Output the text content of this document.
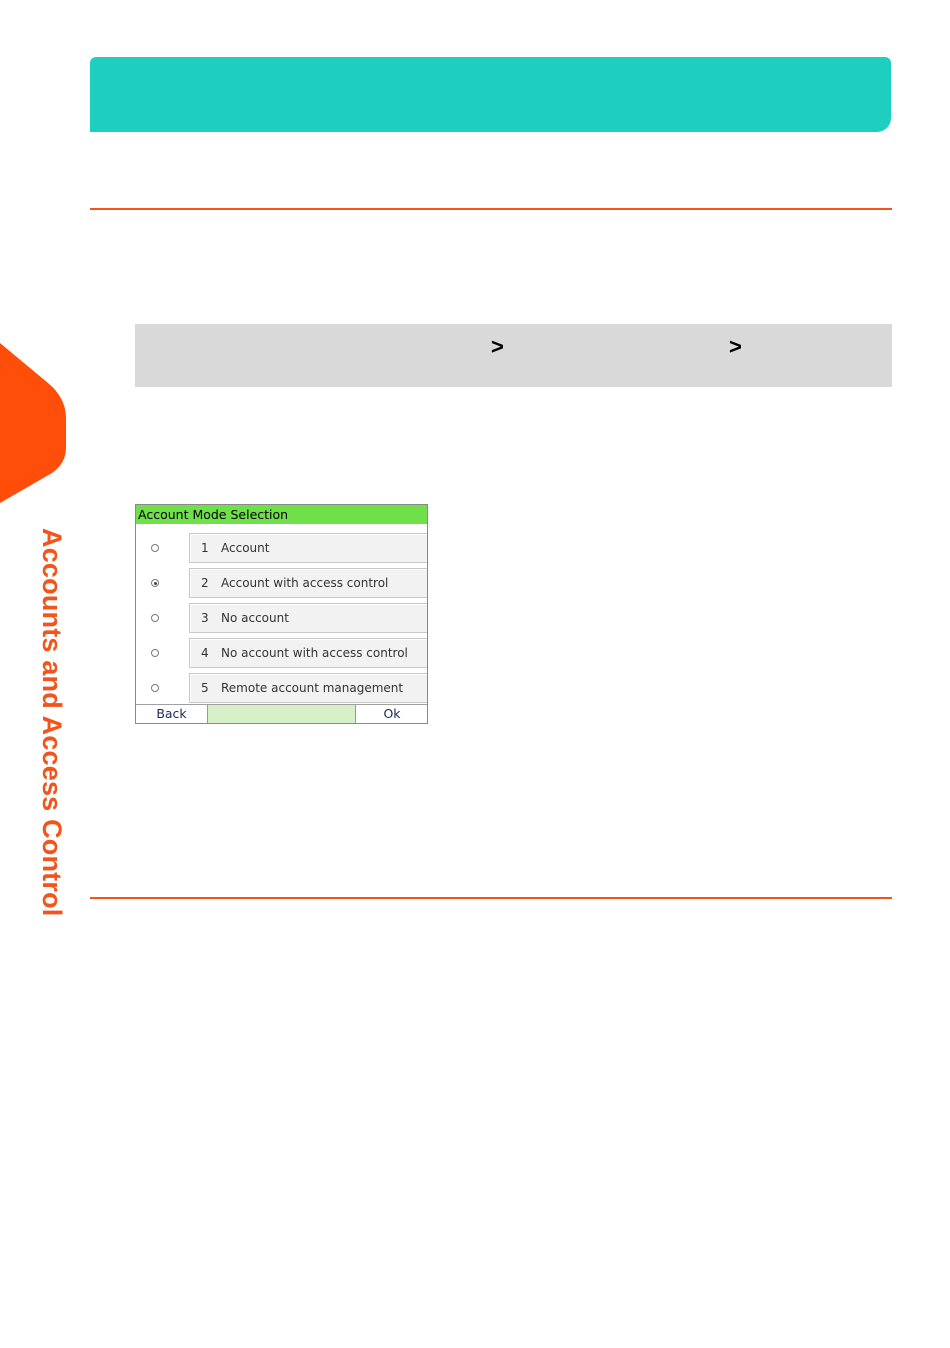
>	>
Accounts and Access Control
Account Mode Selection
1 Account
2 Account with access control
3 No account
4 No account with access control
5 Remote account management
Back	Ok
